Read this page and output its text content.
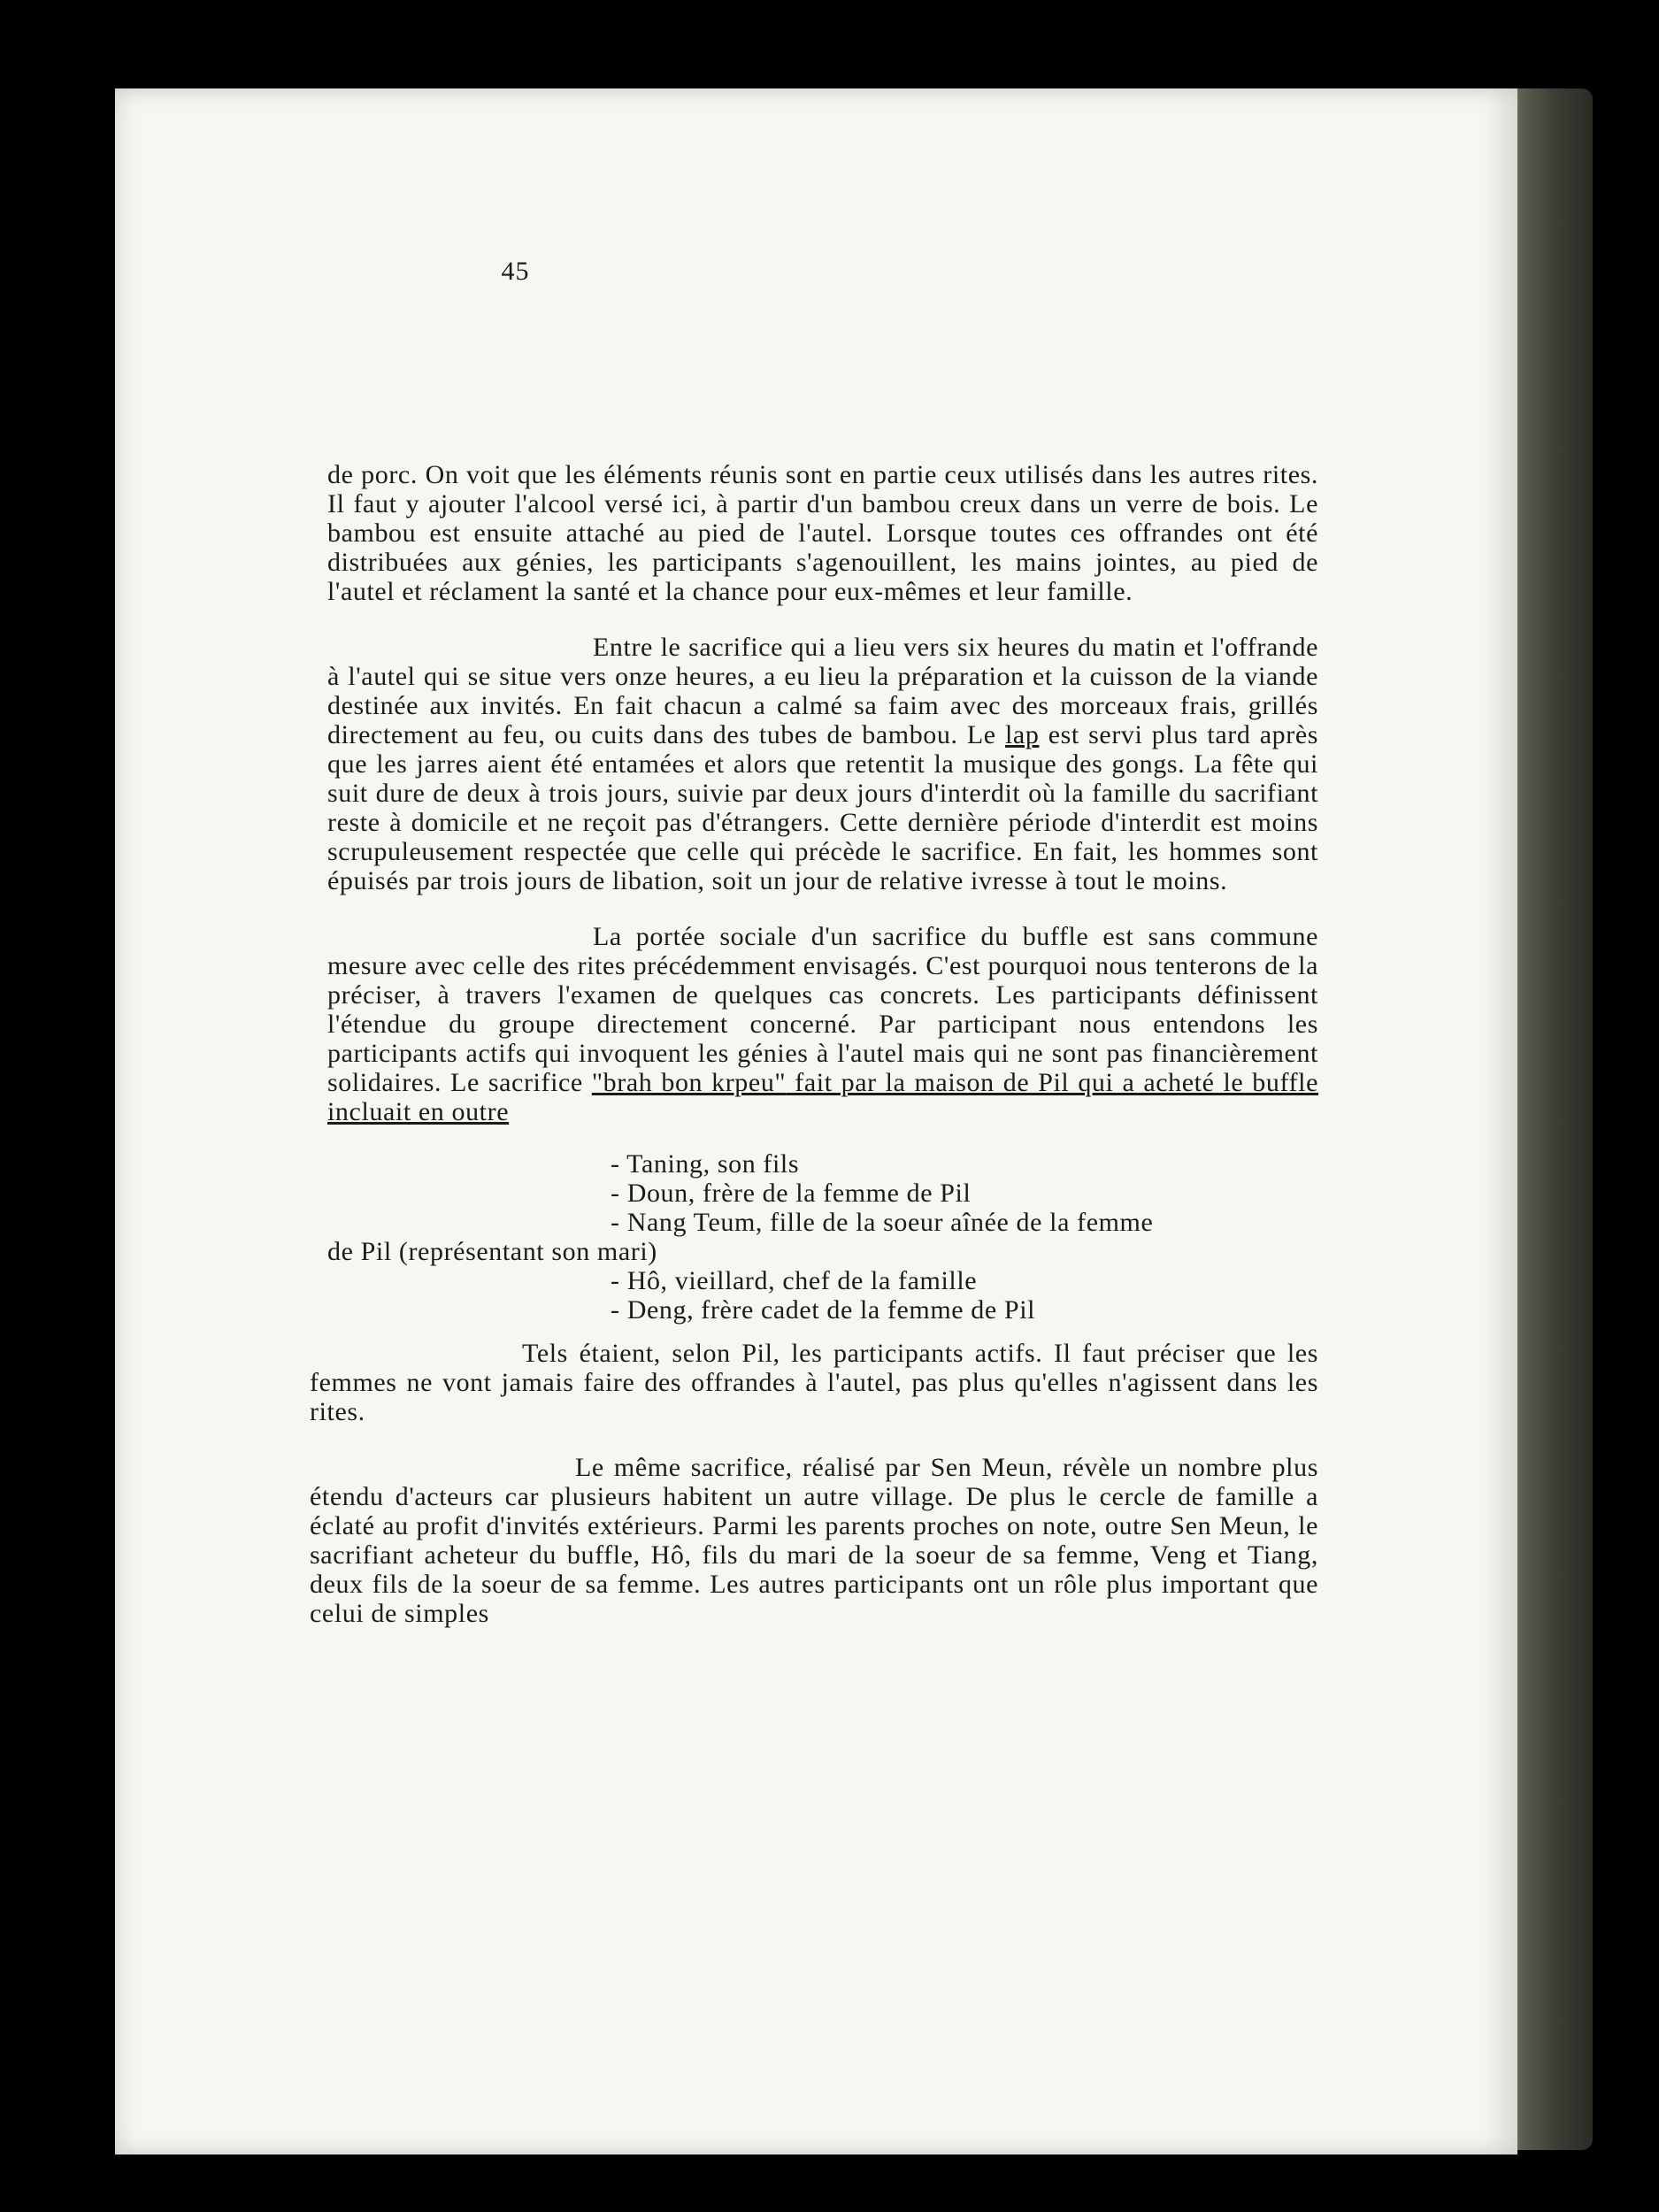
45

de porc. On voit que les éléments réunis sont en partie ceux utilisés dans les autres rites. Il faut y ajouter l'alcool versé ici, à partir d'un bambou creux dans un verre de bois. Le bambou est ensuite attaché au pied de l'autel. Lorsque toutes ces offrandes ont été distribuées aux génies, les participants s'agenouillent, les mains jointes, au pied de l'autel et réclament la santé et la chance pour eux-mêmes et leur famille.

Entre le sacrifice qui a lieu vers six heures du matin et l'offrande à l'autel qui se situe vers onze heures, a eu lieu la préparation et la cuisson de la viande destinée aux invités. En fait chacun a calmé sa faim avec des morceaux frais, grillés directement au feu, ou cuits dans des tubes de bambou. Le lap est servi plus tard après que les jarres aient été entamées et alors que retentit la musique des gongs. La fête qui suit dure de deux à trois jours, suivie par deux jours d'interdit où la famille du sacrifiant reste à domicile et ne reçoit pas d'étrangers. Cette dernière période d'interdit est moins scrupuleusement respectée que celle qui précède le sacrifice. En fait, les hommes sont épuisés par trois jours de libation, soit un jour de relative ivresse à tout le moins.

La portée sociale d'un sacrifice du buffle est sans commune mesure avec celle des rites précédemment envisagés. C'est pourquoi nous tenterons de la préciser, à travers l'examen de quelques cas concrets. Les participants définissent l'étendue du groupe directement concerné. Par participant nous entendons les participants actifs qui invoquent les génies à l'autel mais qui ne sont pas financièrement solidaires. Le sacrifice "brah bon krpeu" fait par la maison de Pil qui a acheté le buffle incluait en outre

- Taning, son fils
- Doun, frère de la femme de Pil
- Nang Teum, fille de la soeur aînée de la femme
de Pil (représentant son mari)
- Hô, vieillard, chef de la famille
- Deng, frère cadet de la femme de Pil

Tels étaient, selon Pil, les participants actifs. Il faut préciser que les femmes ne vont jamais faire des offrandes à l'autel, pas plus qu'elles n'agissent dans les rites.

Le même sacrifice, réalisé par Sen Meun, révèle un nombre plus étendu d'acteurs car plusieurs habitent un autre village. De plus le cercle de famille a éclaté au profit d'invités extérieurs. Parmi les parents proches on note, outre Sen Meun, le sacrifiant acheteur du buffle, Hô, fils du mari de la soeur de sa femme, Veng et Tiang, deux fils de la soeur de sa femme. Les autres participants ont un rôle plus important que celui de simples
